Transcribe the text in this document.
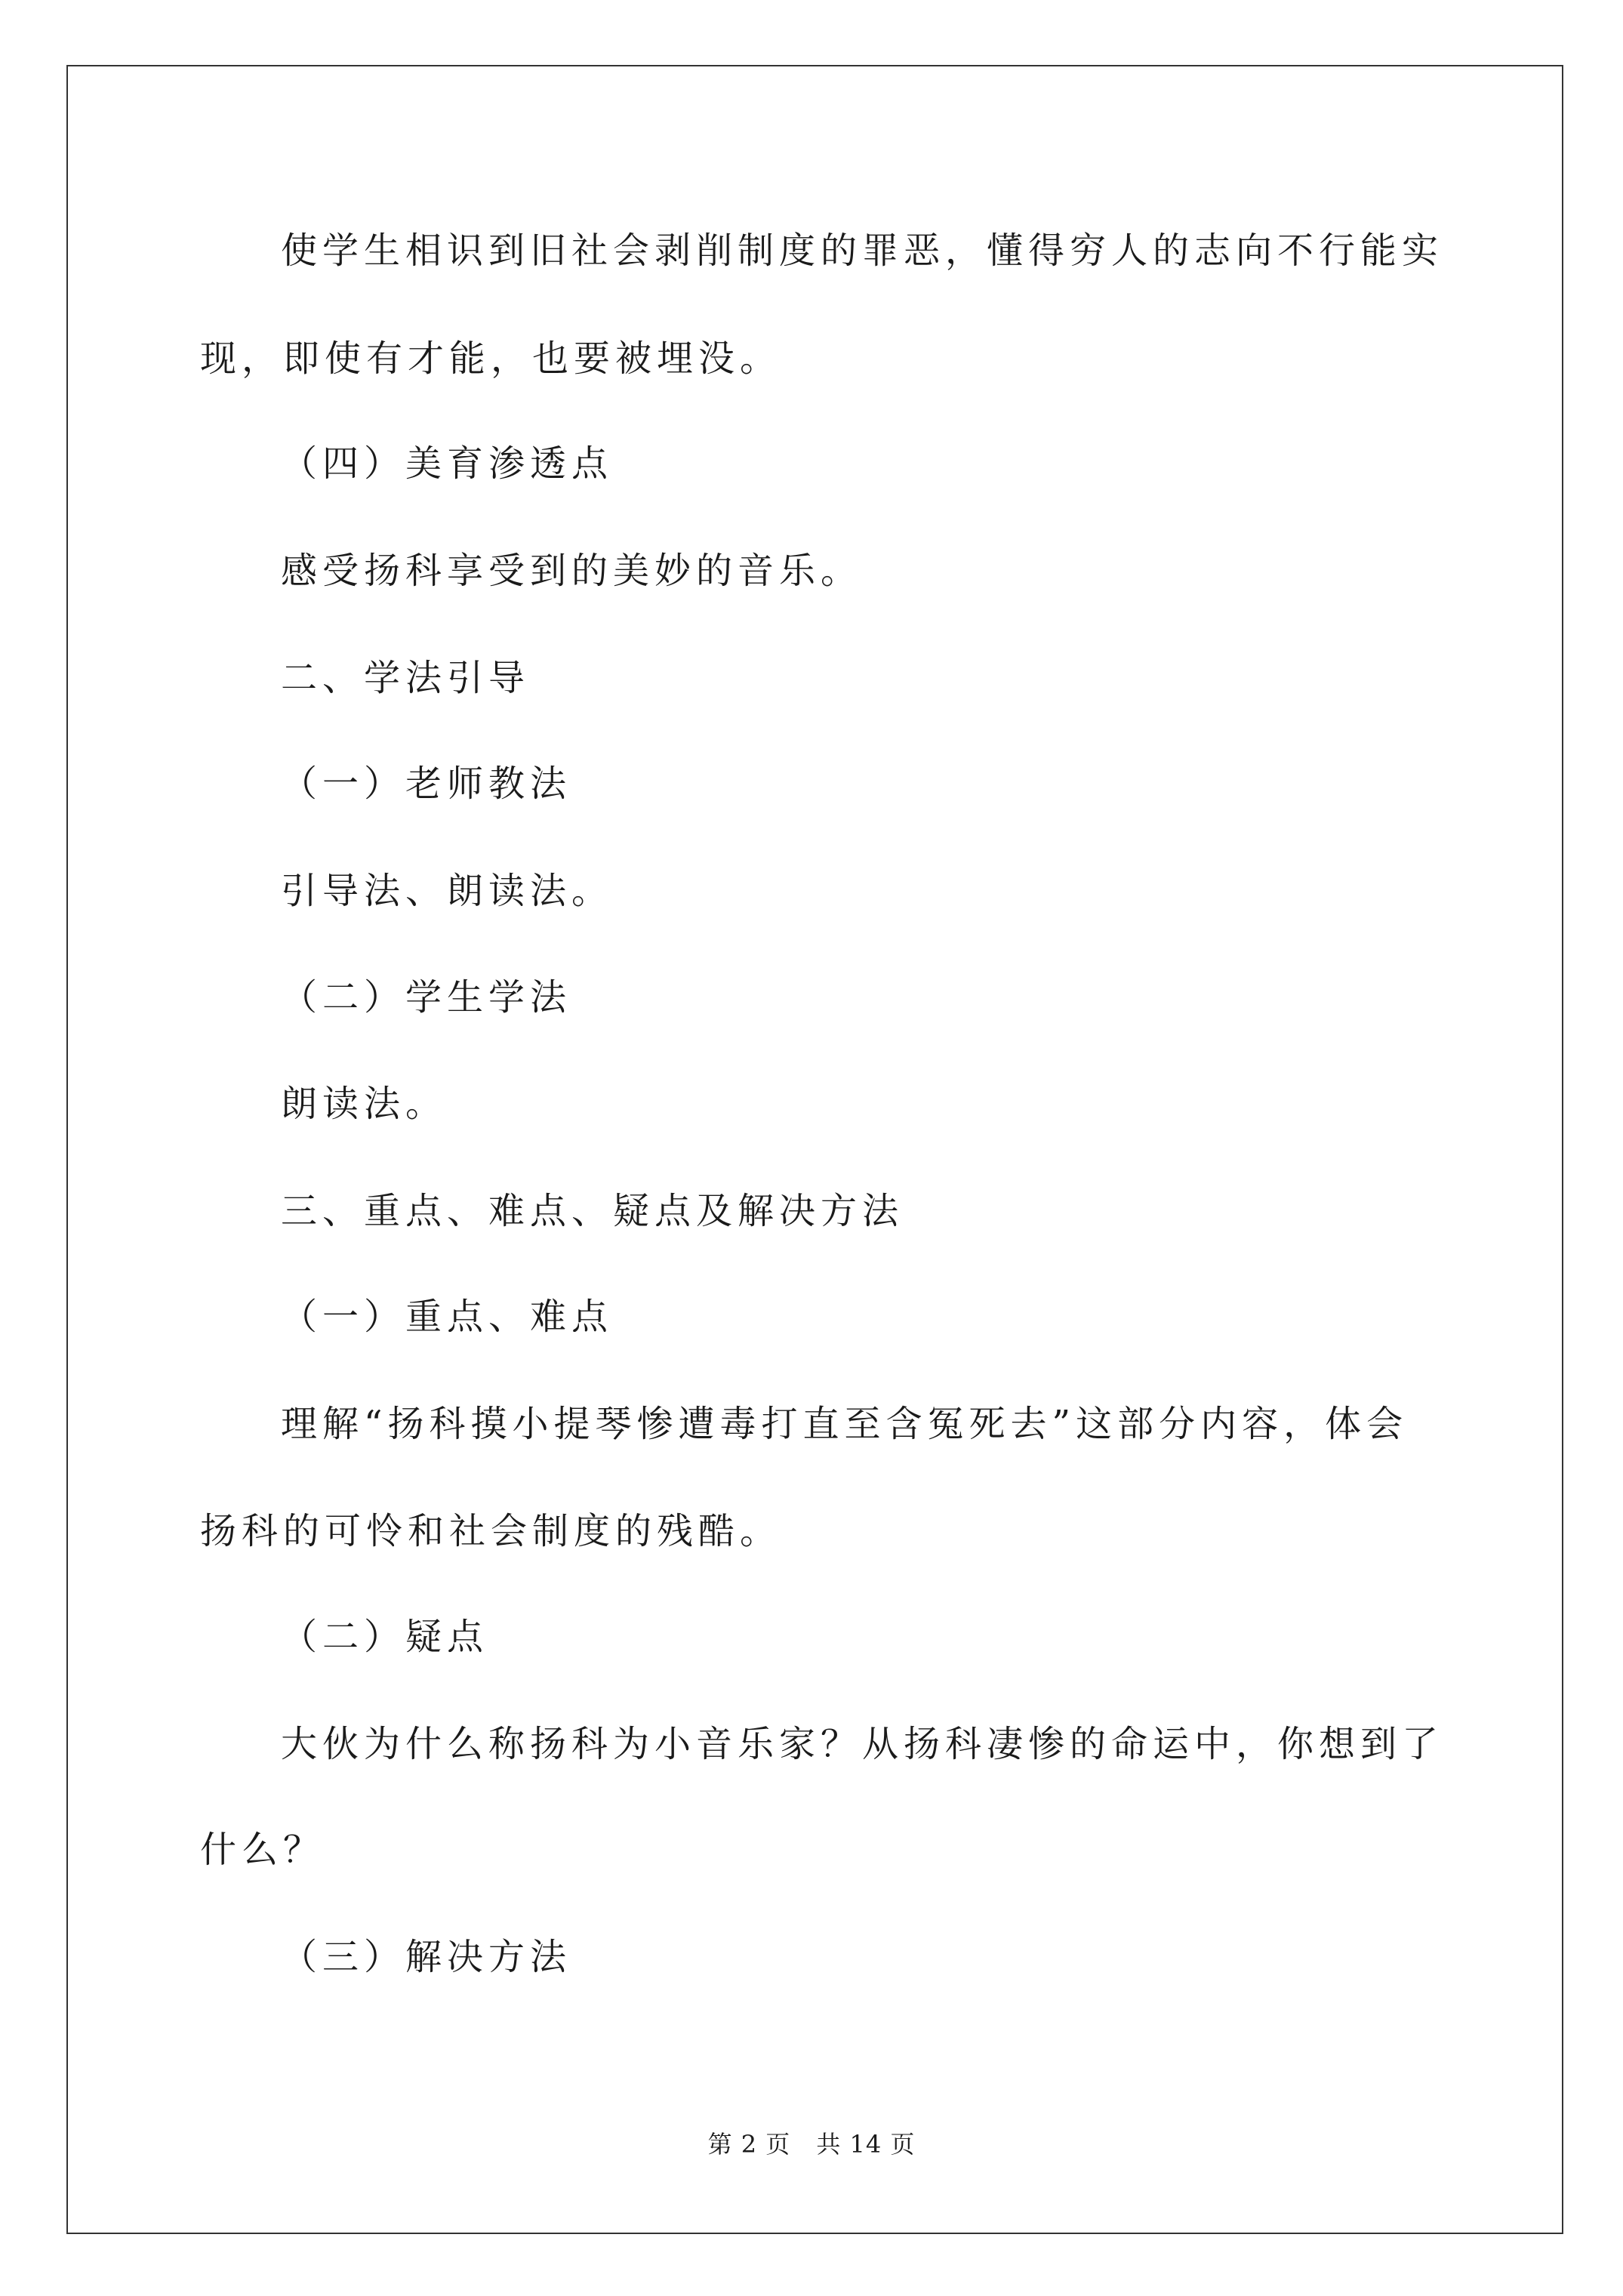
使学生相识到旧社会剥削制度的罪恶，懂得穷人的志向不行能实
现，即使有才能，也要被埋没。
（四）美育渗透点
感受扬科享受到的美妙的音乐。
二、学法引导
（一）老师教法
引导法、朗读法。
（二）学生学法
朗读法。
三、重点、难点、疑点及解决方法
（一）重点、难点
理解“扬科摸小提琴惨遭毒打直至含冤死去”这部分内容，体会
扬科的可怜和社会制度的残酷。
（二）疑点
大伙为什么称扬科为小音乐家？从扬科凄惨的命运中，你想到了
什么？
（三）解决方法
第 2 页 共 14 页
